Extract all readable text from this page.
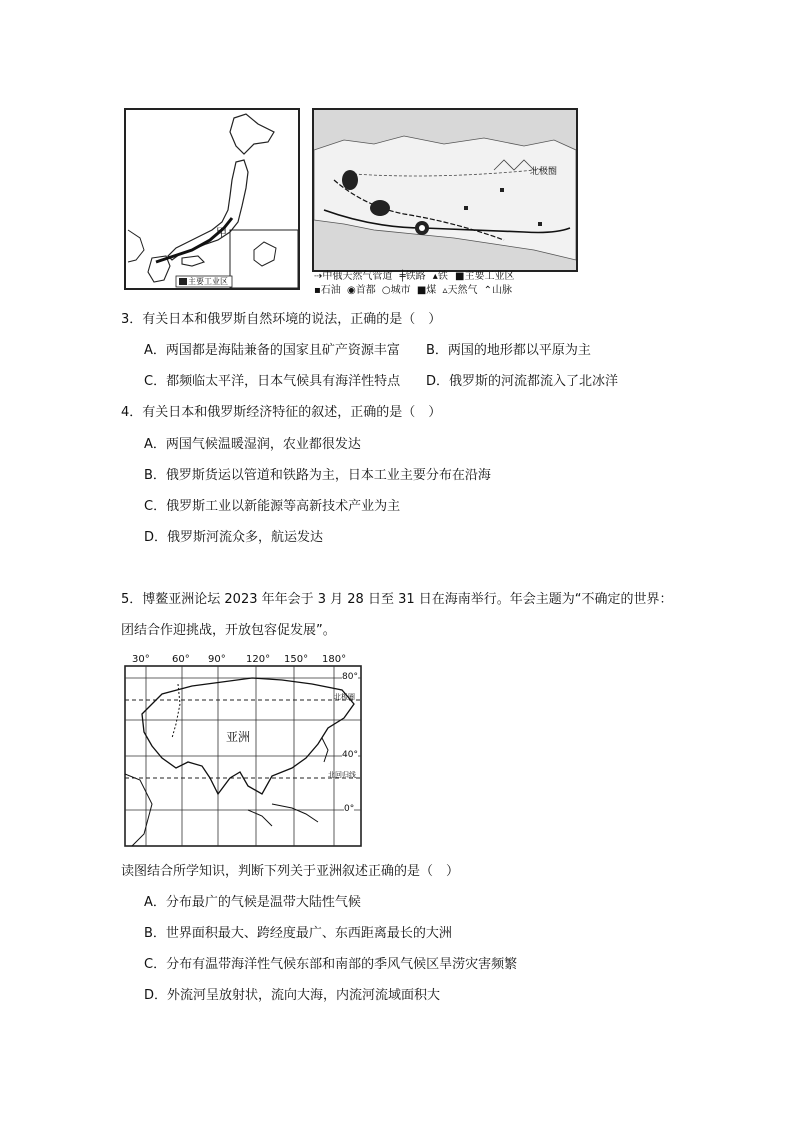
甲
主要工业区
北极圈
⇢中俄天然气管道 ╪铁路 ▴铁 ■主要工业区
▪石油 ◉首都 ○城市 ■煤 ▵天然气 ⌃山脉
3．有关日本和俄罗斯自然环境的说法，正确的是（　）
A．两国都是海陆兼备的国家且矿产资源丰富 B．两国的地形都以平原为主
C．都频临太平洋，日本气候具有海洋性特点 D．俄罗斯的河流都流入了北冰洋
4．有关日本和俄罗斯经济特征的叙述，正确的是（　）
A．两国气候温暖湿润，农业都很发达
B．俄罗斯货运以管道和铁路为主，日本工业主要分布在沿海
C．俄罗斯工业以新能源等高新技术产业为主
D．俄罗斯河流众多，航运发达
5．博鳌亚洲论坛 2023 年年会于 3 月 28 日至 31 日在海南举行。年会主题为“不确定的世界：
团结合作迎挑战，开放包容促发展”。
30° 60° 90° 120° 150° 180°
80°
40°
0°
北极圈
北回归线
亚洲
读图结合所学知识，判断下列关于亚洲叙述正确的是（　）
A．分布最广的气候是温带大陆性气候
B．世界面积最大、跨经度最广、东西距离最长的大洲
C．分布有温带海洋性气候东部和南部的季风气候区旱涝灾害频繁
D．外流河呈放射状，流向大海，内流河流域面积大
